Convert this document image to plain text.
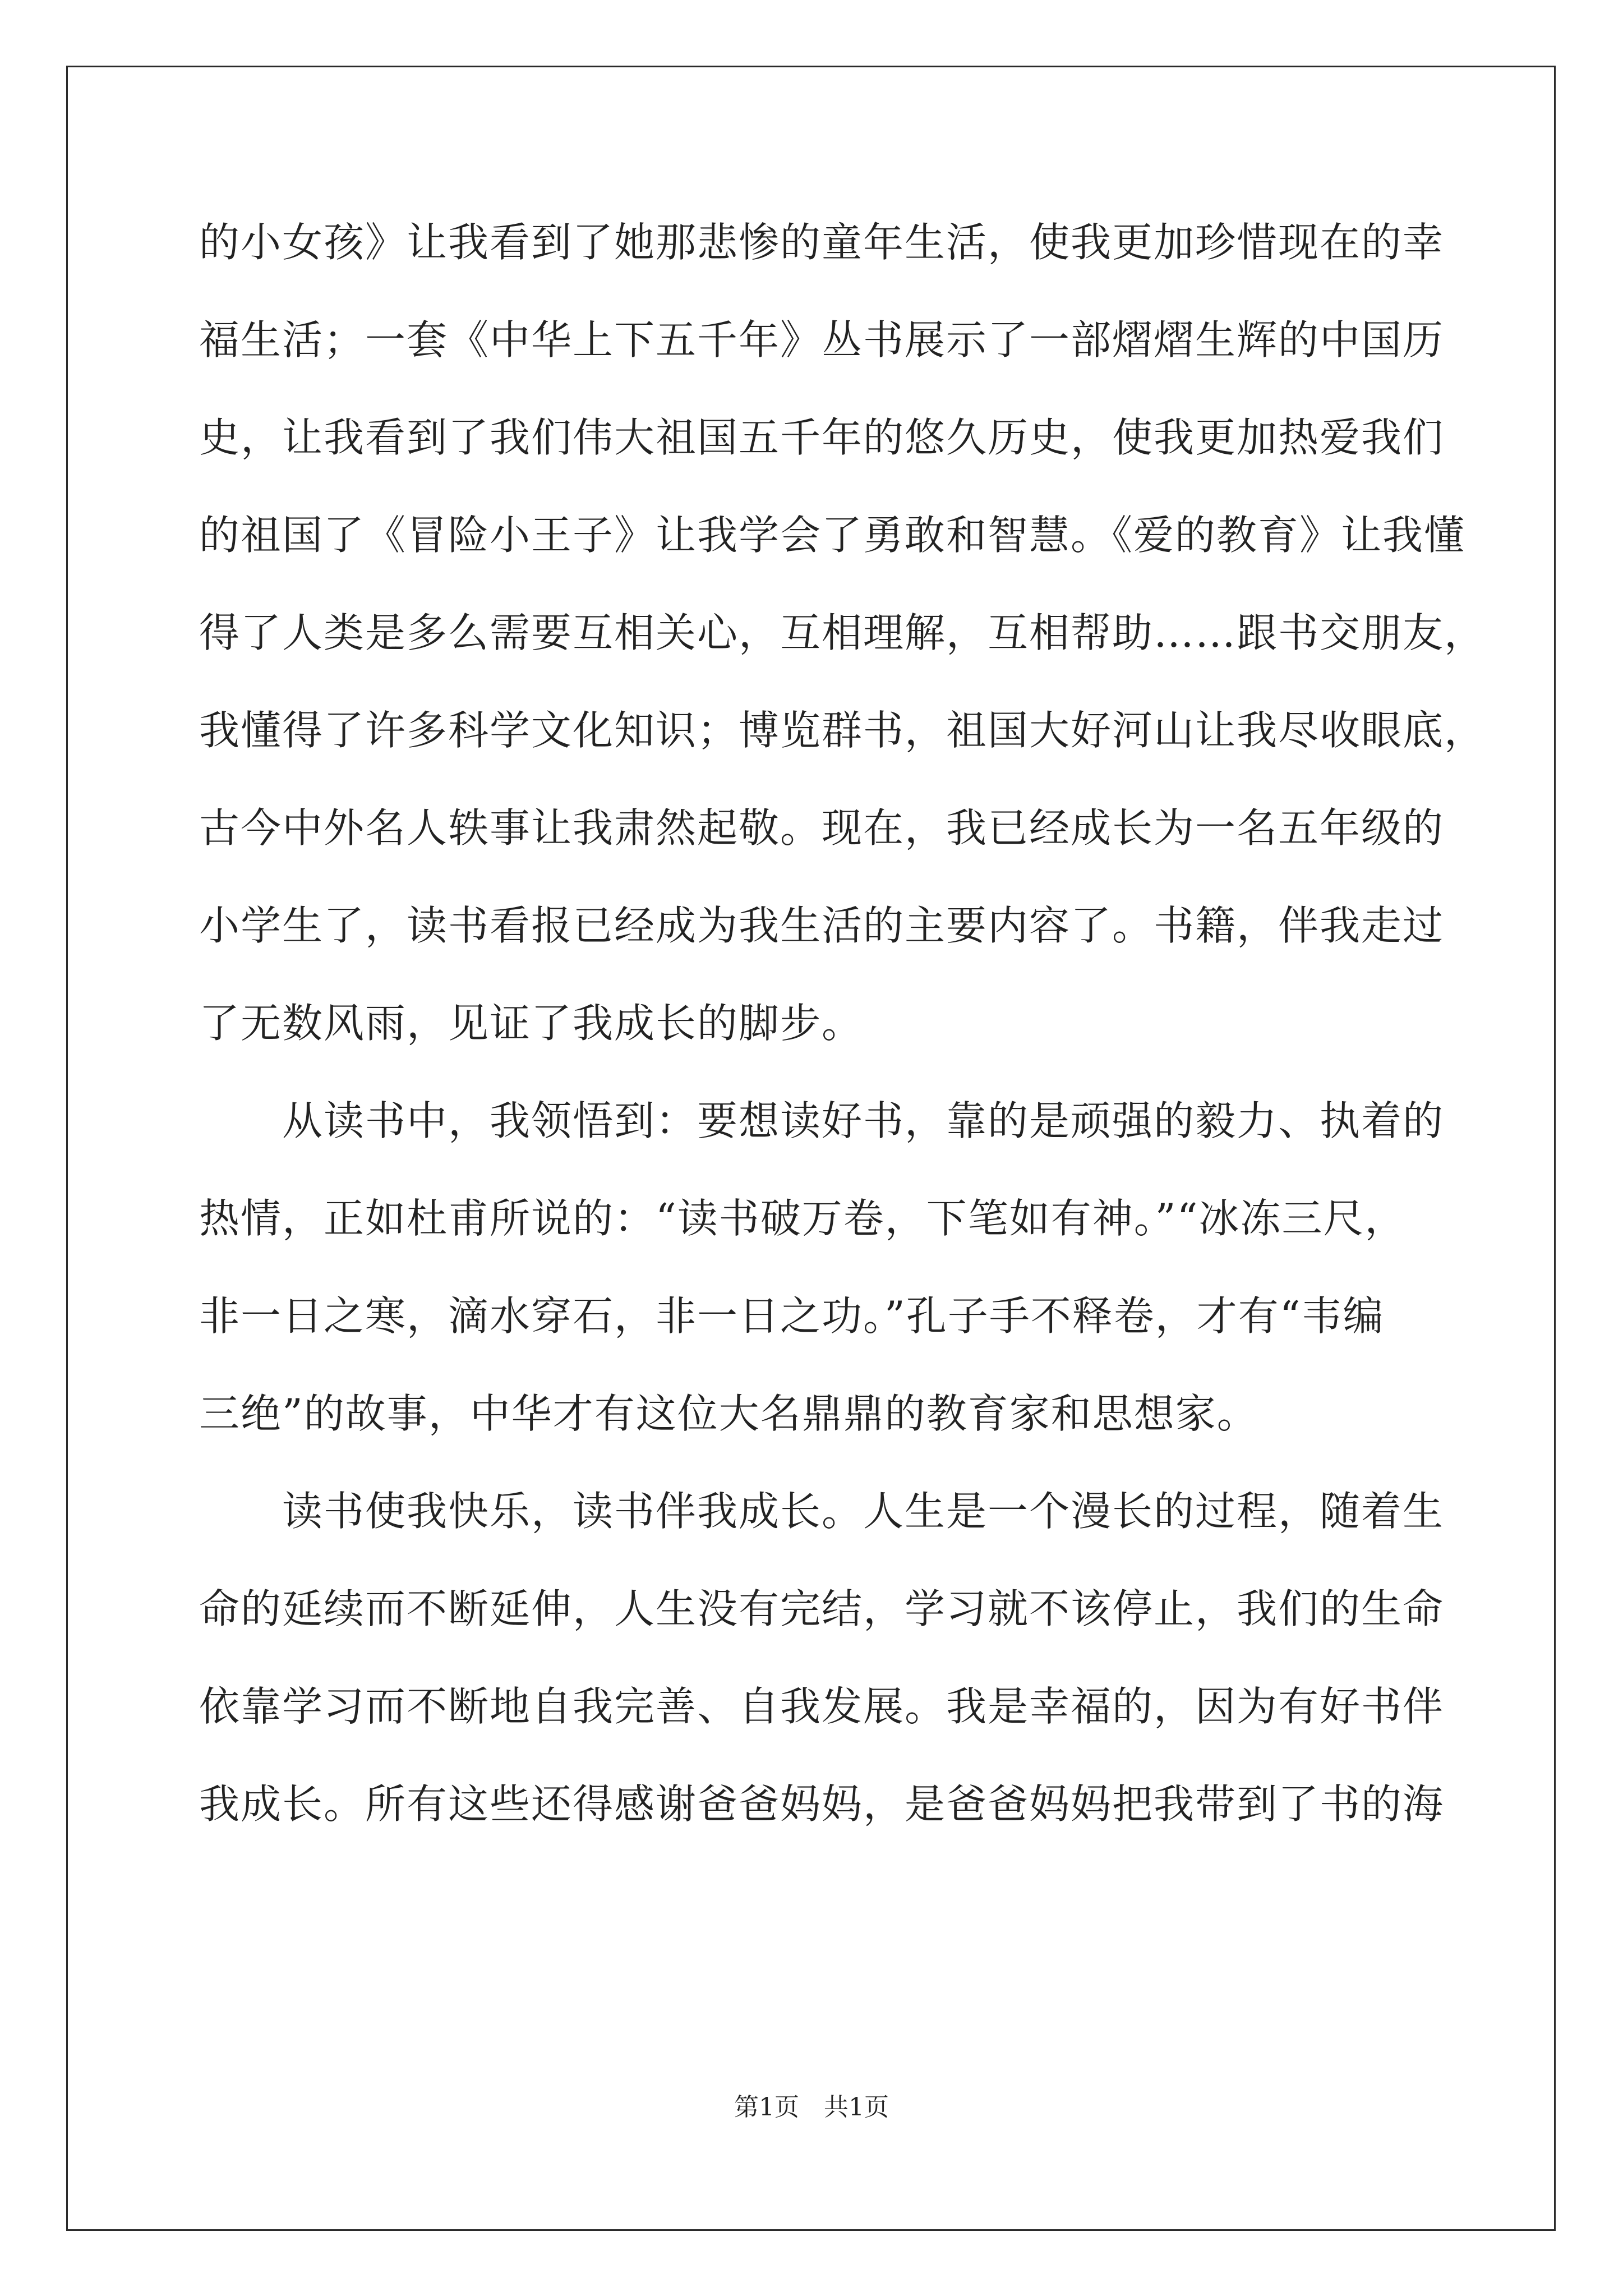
的小女孩》让我看到了她那悲惨的童年生活，使我更加珍惜现在的幸
福生活；一套《中华上下五千年》丛书展示了一部熠熠生辉的中国历
史，让我看到了我们伟大祖国五千年的悠久历史，使我更加热爱我们
的祖国了《冒险小王子》让我学会了勇敢和智慧。《爱的教育》让我懂
得了人类是多么需要互相关心，互相理解，互相帮助……跟书交朋友，
我懂得了许多科学文化知识；博览群书，祖国大好河山让我尽收眼底，
古今中外名人轶事让我肃然起敬。现在，我已经成长为一名五年级的
小学生了，读书看报已经成为我生活的主要内容了。书籍，伴我走过
了无数风雨，见证了我成长的脚步。
　　从读书中，我领悟到：要想读好书，靠的是顽强的毅力、执着的
热情，正如杜甫所说的：“读书破万卷，下笔如有神。”“冰冻三尺，
非一日之寒，滴水穿石，非一日之功。”孔子手不释卷，才有“韦编
三绝”的故事，中华才有这位大名鼎鼎的教育家和思想家。
　　读书使我快乐，读书伴我成长。人生是一个漫长的过程，随着生
命的延续而不断延伸，人生没有完结，学习就不该停止，我们的生命
依靠学习而不断地自我完善、自我发展。我是幸福的，因为有好书伴
我成长。所有这些还得感谢爸爸妈妈，是爸爸妈妈把我带到了书的海
第1页　共1页
